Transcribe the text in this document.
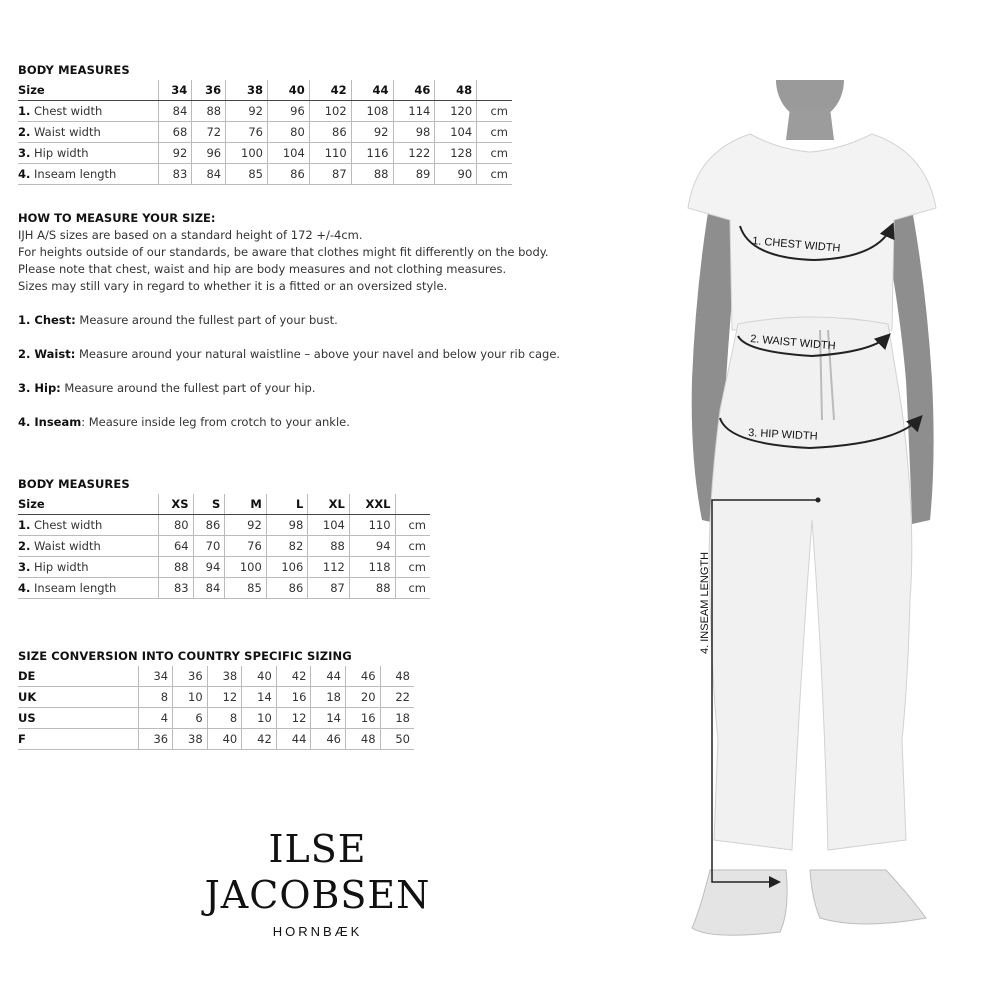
BODY MEASURES
Size	34	36	38	40	42	44	46	48	
1. Chest width	84	88	92	96	102	108	114	120	cm
2. Waist width	68	72	76	80	86	92	98	104	cm
3. Hip width	92	96	100	104	110	116	122	128	cm
4. Inseam length	83	84	85	86	87	88	89	90	cm

HOW TO MEASURE YOUR SIZE:

IJH A/S sizes are based on a standard height of 172 +/-4cm.

For heights outside of our standards, be aware that clothes might fit differently on the body.

Please note that chest, waist and hip are body measures and not clothing measures.

Sizes may still vary in regard to whether it is a fitted or an oversized style.

1. Chest: Measure around the fullest part of your bust.

2. Waist: Measure around your natural waistline – above your navel and below your rib cage.

3. Hip: Measure around the fullest part of your hip.

4. Inseam: Measure inside leg from crotch to your ankle.

BODY MEASURES
Size	XS	S	M	L	XL	XXL	
1. Chest width	80	86	92	98	104	110	cm
2. Waist width	64	70	76	82	88	94	cm
3. Hip width	88	94	100	106	112	118	cm
4. Inseam length	83	84	85	86	87	88	cm
SIZE CONVERSION INTO COUNTRY SPECIFIC SIZING
DE	34	36	38	40	42	44	46	48
UK	8	10	12	14	16	18	20	22
US	4	6	8	10	12	14	16	18
F	36	38	40	42	44	46	48	50
ILSE JACOBSEN
HORNBÆK
1. CHEST WIDTH
2. WAIST WIDTH
3. HIP WIDTH
4. INSEAM LENGTH
